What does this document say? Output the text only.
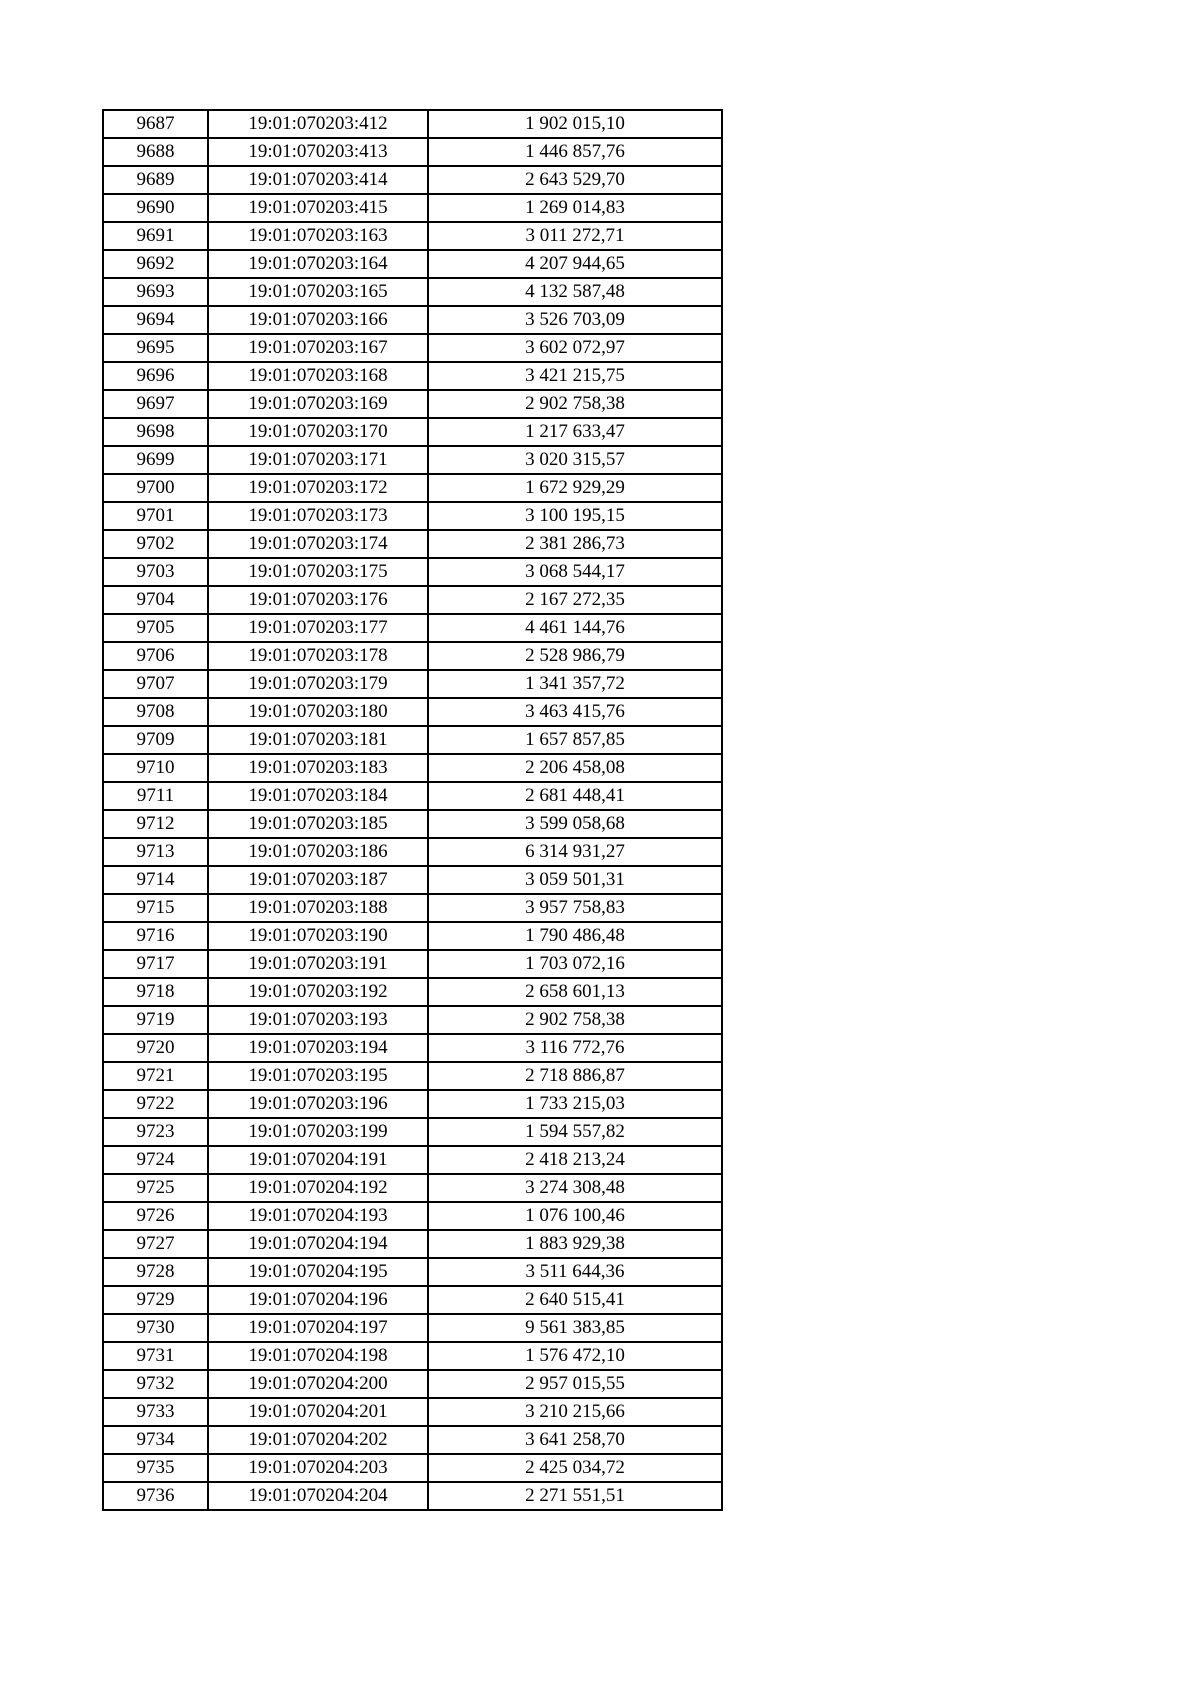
9687	19:01:070203:412	1 902 015,10
9688	19:01:070203:413	1 446 857,76
9689	19:01:070203:414	2 643 529,70
9690	19:01:070203:415	1 269 014,83
9691	19:01:070203:163	3 011 272,71
9692	19:01:070203:164	4 207 944,65
9693	19:01:070203:165	4 132 587,48
9694	19:01:070203:166	3 526 703,09
9695	19:01:070203:167	3 602 072,97
9696	19:01:070203:168	3 421 215,75
9697	19:01:070203:169	2 902 758,38
9698	19:01:070203:170	1 217 633,47
9699	19:01:070203:171	3 020 315,57
9700	19:01:070203:172	1 672 929,29
9701	19:01:070203:173	3 100 195,15
9702	19:01:070203:174	2 381 286,73
9703	19:01:070203:175	3 068 544,17
9704	19:01:070203:176	2 167 272,35
9705	19:01:070203:177	4 461 144,76
9706	19:01:070203:178	2 528 986,79
9707	19:01:070203:179	1 341 357,72
9708	19:01:070203:180	3 463 415,76
9709	19:01:070203:181	1 657 857,85
9710	19:01:070203:183	2 206 458,08
9711	19:01:070203:184	2 681 448,41
9712	19:01:070203:185	3 599 058,68
9713	19:01:070203:186	6 314 931,27
9714	19:01:070203:187	3 059 501,31
9715	19:01:070203:188	3 957 758,83
9716	19:01:070203:190	1 790 486,48
9717	19:01:070203:191	1 703 072,16
9718	19:01:070203:192	2 658 601,13
9719	19:01:070203:193	2 902 758,38
9720	19:01:070203:194	3 116 772,76
9721	19:01:070203:195	2 718 886,87
9722	19:01:070203:196	1 733 215,03
9723	19:01:070203:199	1 594 557,82
9724	19:01:070204:191	2 418 213,24
9725	19:01:070204:192	3 274 308,48
9726	19:01:070204:193	1 076 100,46
9727	19:01:070204:194	1 883 929,38
9728	19:01:070204:195	3 511 644,36
9729	19:01:070204:196	2 640 515,41
9730	19:01:070204:197	9 561 383,85
9731	19:01:070204:198	1 576 472,10
9732	19:01:070204:200	2 957 015,55
9733	19:01:070204:201	3 210 215,66
9734	19:01:070204:202	3 641 258,70
9735	19:01:070204:203	2 425 034,72
9736	19:01:070204:204	2 271 551,51
